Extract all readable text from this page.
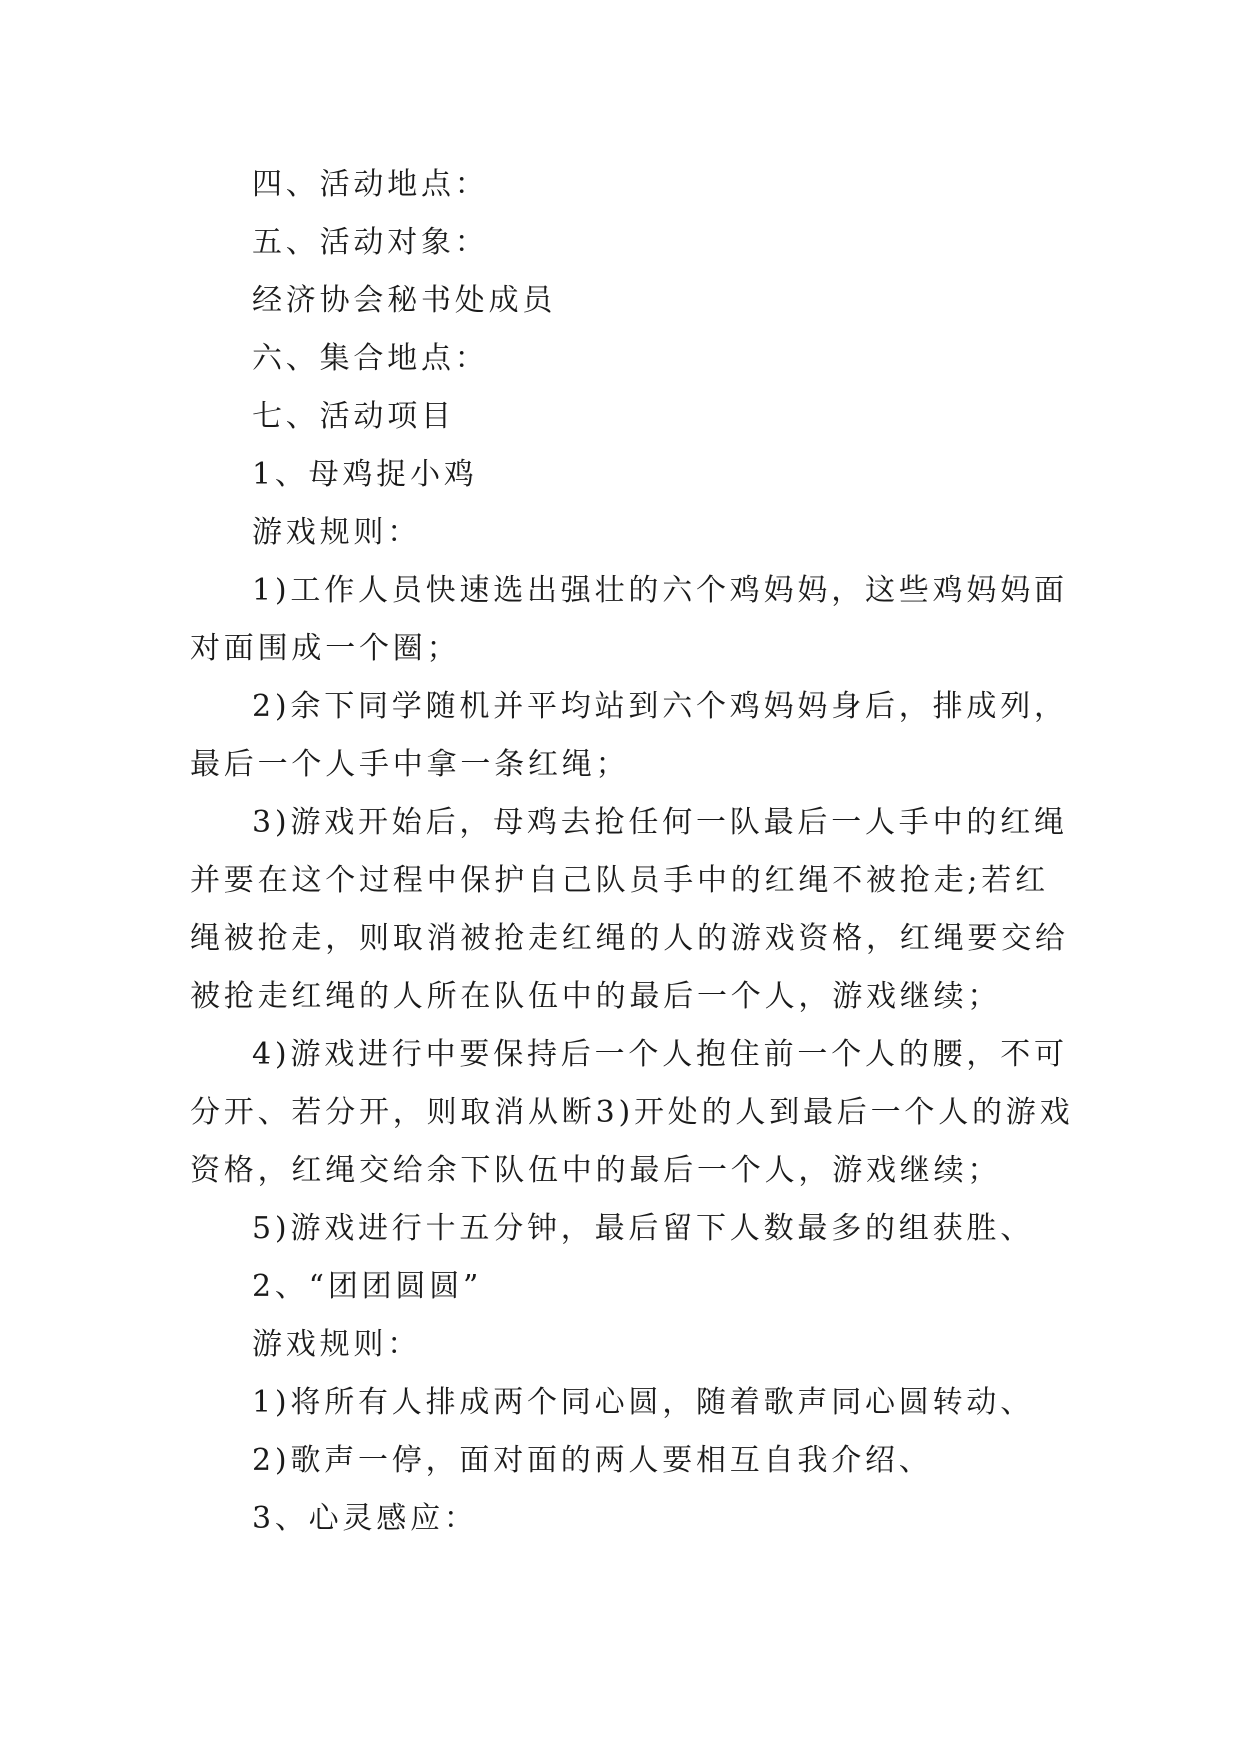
四、活动地点：
五、活动对象：
经济协会秘书处成员
六、集合地点：
七、活动项目
1、母鸡捉小鸡
游戏规则：
1)工作人员快速选出强壮的六个鸡妈妈，这些鸡妈妈面
对面围成一个圈；
2)余下同学随机并平均站到六个鸡妈妈身后，排成列，
最后一个人手中拿一条红绳；
3)游戏开始后，母鸡去抢任何一队最后一人手中的红绳
并要在这个过程中保护自己队员手中的红绳不被抢走;若红
绳被抢走，则取消被抢走红绳的人的游戏资格，红绳要交给
被抢走红绳的人所在队伍中的最后一个人，游戏继续；
4)游戏进行中要保持后一个人抱住前一个人的腰，不可
分开、若分开，则取消从断3)开处的人到最后一个人的游戏
资格，红绳交给余下队伍中的最后一个人，游戏继续；
5)游戏进行十五分钟，最后留下人数最多的组获胜、
2、“团团圆圆”
游戏规则：
1)将所有人排成两个同心圆，随着歌声同心圆转动、
2)歌声一停，面对面的两人要相互自我介绍、
3、心灵感应：
